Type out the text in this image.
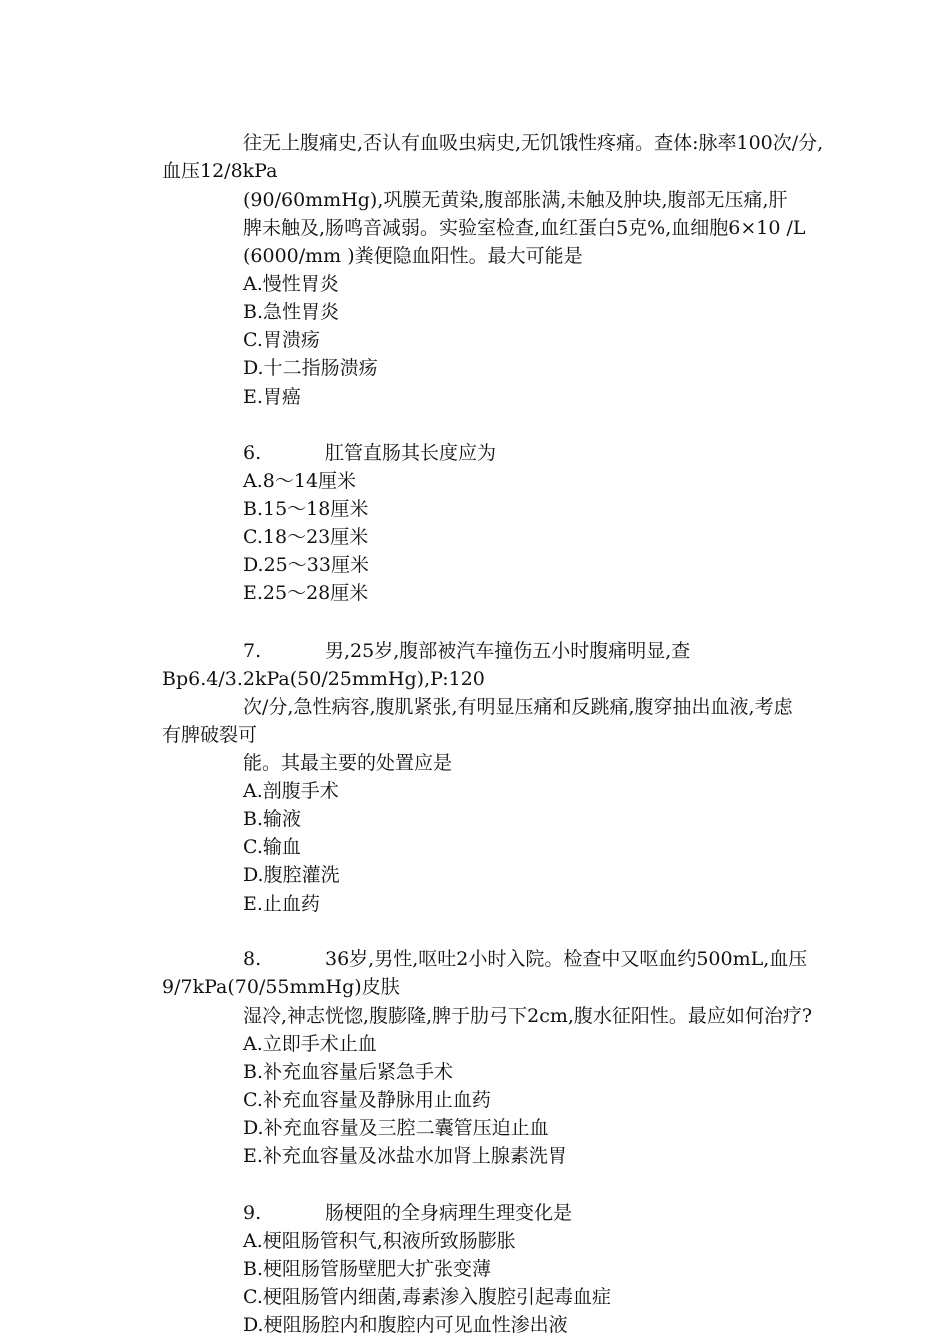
往无上腹痛史,否认有血吸虫病史,无饥饿性疼痛。查体:脉率100次/分,
血压12/8kPa
(90/60mmHg),巩膜无黄染,腹部胀满,未触及肿块,腹部无压痛,肝
脾未触及,肠鸣音减弱。实验室检查,血红蛋白5克%,血细胞6×10 /L
(6000/mm )粪便隐血阳性。最大可能是
A.慢性胃炎
B.急性胃炎
C.胃溃疡
D.十二指肠溃疡
E.胃癌
6.	肛管直肠其长度应为
A.8～14厘米
B.15～18厘米
C.18～23厘米
D.25～33厘米
E.25～28厘米
7.	男,25岁,腹部被汽车撞伤五小时腹痛明显,查
Bp6.4/3.2kPa(50/25mmHg),P:120
次/分,急性病容,腹肌紧张,有明显压痛和反跳痛,腹穿抽出血液,考虑
有脾破裂可
能。其最主要的处置应是
A.剖腹手术
B.输液
C.输血
D.腹腔灌洗
E.止血药
8.	36岁,男性,呕吐2小时入院。检查中又呕血约500mL,血压
9/7kPa(70/55mmHg)皮肤
湿冷,神志恍惚,腹膨隆,脾于肋弓下2cm,腹水征阳性。最应如何治疗?
A.立即手术止血
B.补充血容量后紧急手术
C.补充血容量及静脉用止血药
D.补充血容量及三腔二囊管压迫止血
E.补充血容量及冰盐水加肾上腺素洗胃
9.	肠梗阻的全身病理生理变化是
A.梗阻肠管积气,积液所致肠膨胀
B.梗阻肠管肠壁肥大扩张变薄
C.梗阻肠管内细菌,毒素渗入腹腔引起毒血症
D.梗阻肠腔内和腹腔内可见血性渗出液
